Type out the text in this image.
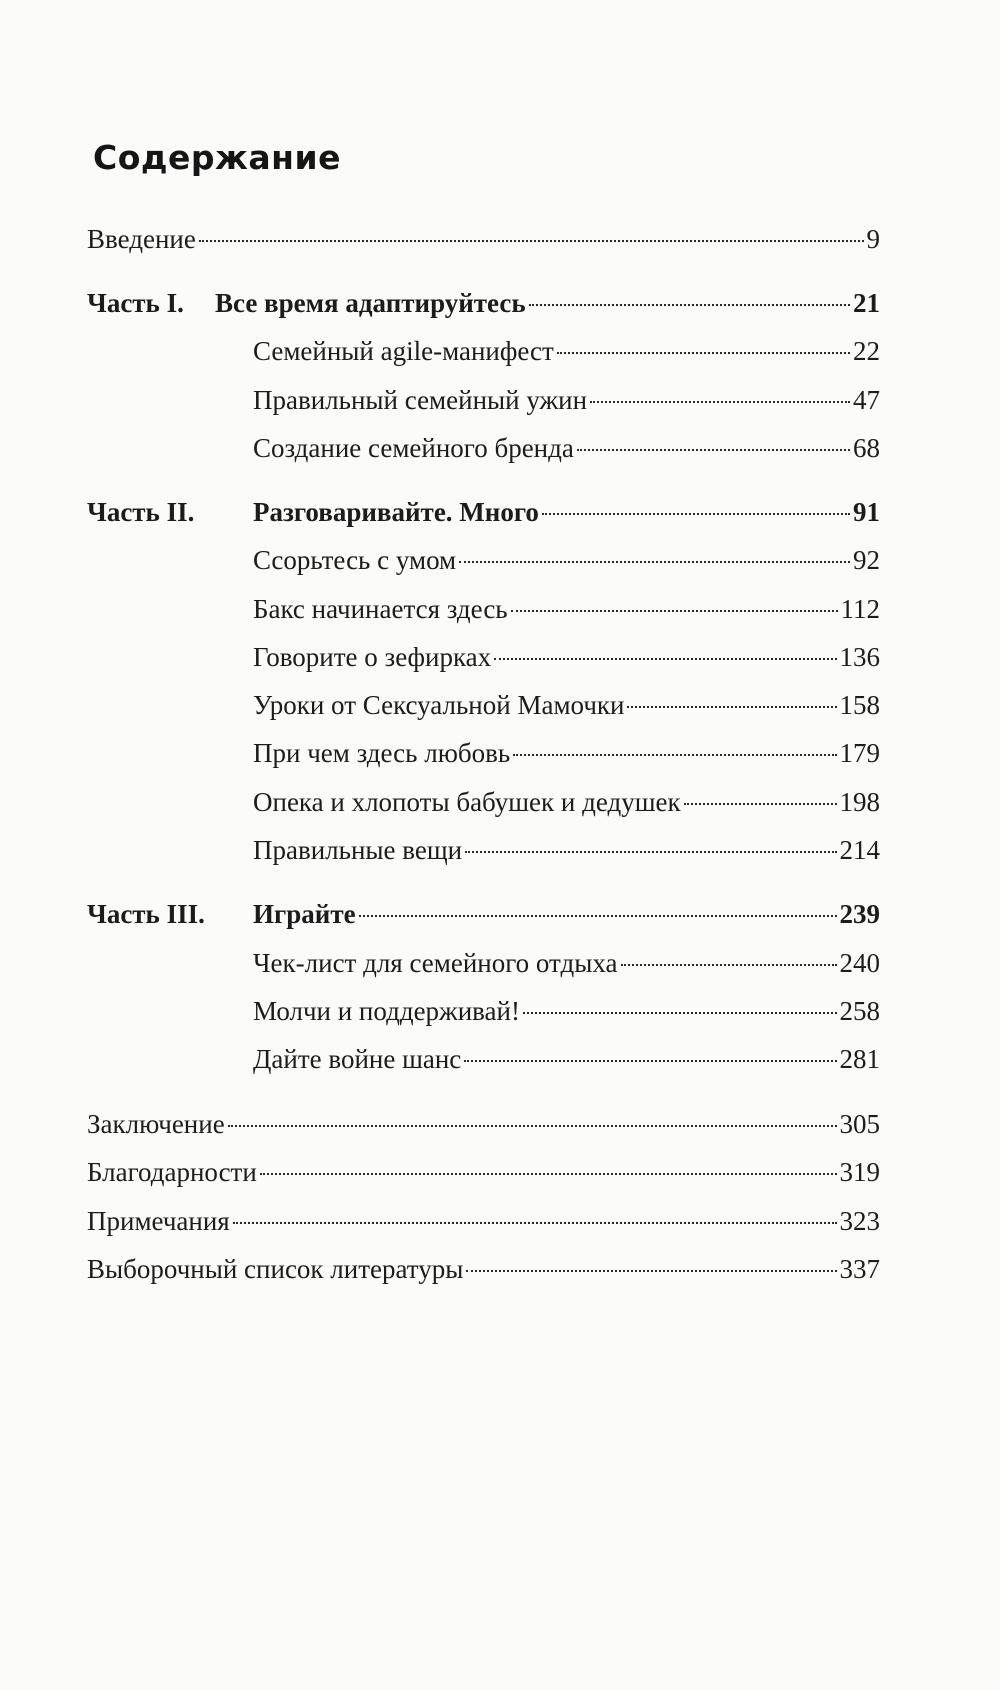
Содержание
Введение	9
Часть I. Все время адаптируйтесь	21
Семейный agile-манифест	22
Правильный семейный ужин	47
Создание семейного бренда	68
Часть II. Разговаривайте. Много	91
Ссорьтесь с умом	92
Бакс начинается здесь	112
Говорите о зефирках	136
Уроки от Сексуальной Мамочки	158
При чем здесь любовь	179
Опека и хлопоты бабушек и дедушек	198
Правильные вещи	214
Часть III. Играйте	239
Чек-лист для семейного отдыха	240
Молчи и поддерживай!	258
Дайте войне шанс	281
Заключение	305
Благодарности	319
Примечания	323
Выборочный список литературы	337
